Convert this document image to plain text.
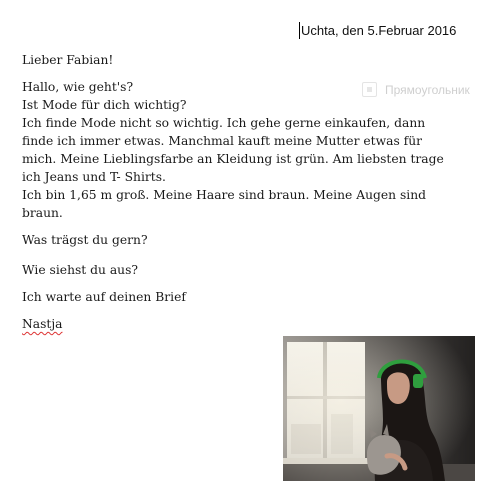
Uchta, den 5.Februar 2016
Прямоугольник

Lieber Fabian!

Hallo, wie geht's?
Ist Mode für dich wichtig?
Ich finde Mode nicht so wichtig. Ich gehe gerne einkaufen, dann finde ich immer etwas. Manchmal kauft meine Mutter etwas für mich. Meine Lieblingsfarbe an Kleidung ist grün. Am liebsten trage ich Jeans und T- Shirts.
Ich bin 1,65 m groß. Meine Haare sind braun. Meine Augen sind braun.

Was trägst du gern?

Wie siehst du aus?

Ich warte auf deinen Brief

Nastja
